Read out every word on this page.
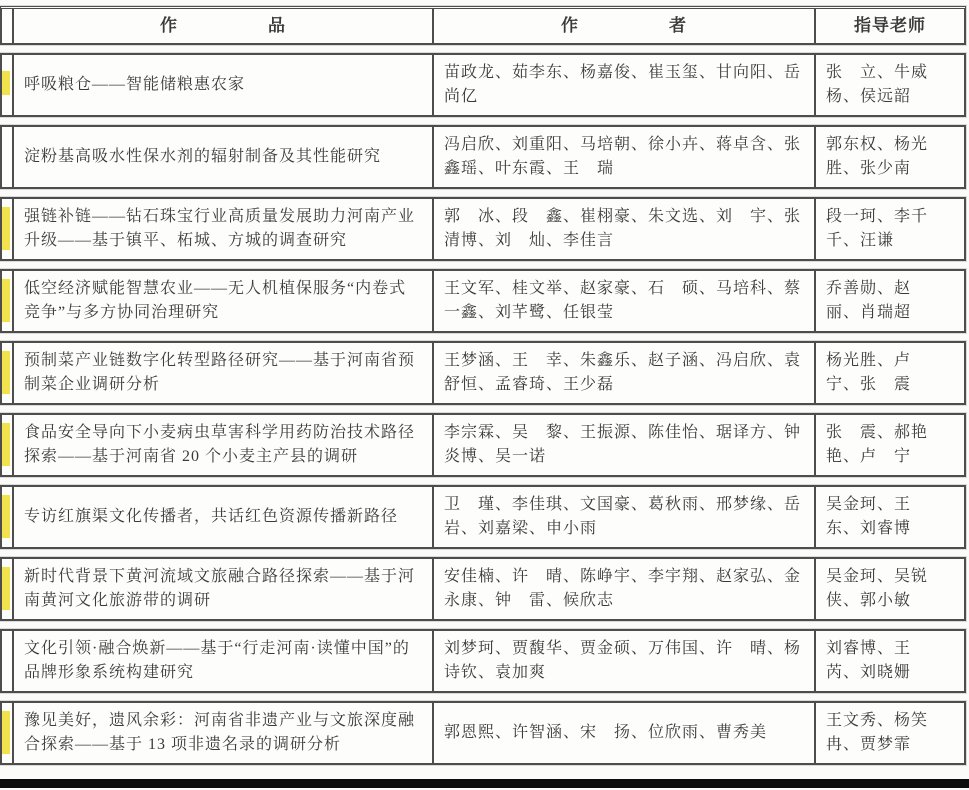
作　　　　　品	作　　　　　者	指导老师
呼吸粮仓——智能储粮惠农家
苗政龙、茹李东、杨嘉俊、崔玉玺、甘向阳、岳尚亿
张　立、牛威杨、侯远韶
淀粉基高吸水性保水剂的辐射制备及其性能研究
冯启欣、刘重阳、马培朝、徐小卉、蒋卓含、张鑫瑶、叶东霞、王　瑞
郭东权、杨光胜、张少南
强链补链——钻石珠宝行业高质量发展助力河南产业升级——基于镇平、柘城、方城的调查研究
郭　冰、段　鑫、崔栩豪、朱文选、刘　宇、张清博、刘　灿、李佳言
段一珂、李千千、汪谦
低空经济赋能智慧农业——无人机植保服务“内卷式竞争”与多方协同治理研究
王文军、桂文举、赵家豪、石　硕、马培科、蔡一鑫、刘芊鹭、任银莹
乔善勋、赵　丽、肖瑞超
预制菜产业链数字化转型路径研究——基于河南省预制菜企业调研分析
王梦涵、王　幸、朱鑫乐、赵子涵、冯启欣、袁舒恒、孟睿琦、王少磊
杨光胜、卢　宁、张　震
食品安全导向下小麦病虫草害科学用药防治技术路径探索——基于河南省 20 个小麦主产县的调研
李宗霖、吴　黎、王振源、陈佳怡、琚译方、钟炎博、吴一诺
张　震、郝艳艳、卢　宁
专访红旗渠文化传播者，共话红色资源传播新路径
卫　瑾、李佳琪、文国豪、葛秋雨、邢梦缘、岳　岩、刘嘉梁、申小雨
吴金珂、王　东、刘睿博
新时代背景下黄河流域文旅融合路径探索——基于河南黄河文化旅游带的调研
安佳楠、许　晴、陈峥宇、李宇翔、赵家弘、金永康、钟　雷、候欣志
吴金珂、吴锐侠、郭小敏
文化引领·融合焕新——基于“行走河南·读懂中国”的品牌形象系统构建研究
刘梦珂、贾馥华、贾金硕、万伟国、许　晴、杨诗钦、袁加爽
刘睿博、王　芮、刘晓姗
豫见美好，遗风余彩：河南省非遗产业与文旅深度融合探索——基于 13 项非遗名录的调研分析
郭恩熙、许智涵、宋　扬、位欣雨、曹秀美
王文秀、杨笑冉、贾梦霏
